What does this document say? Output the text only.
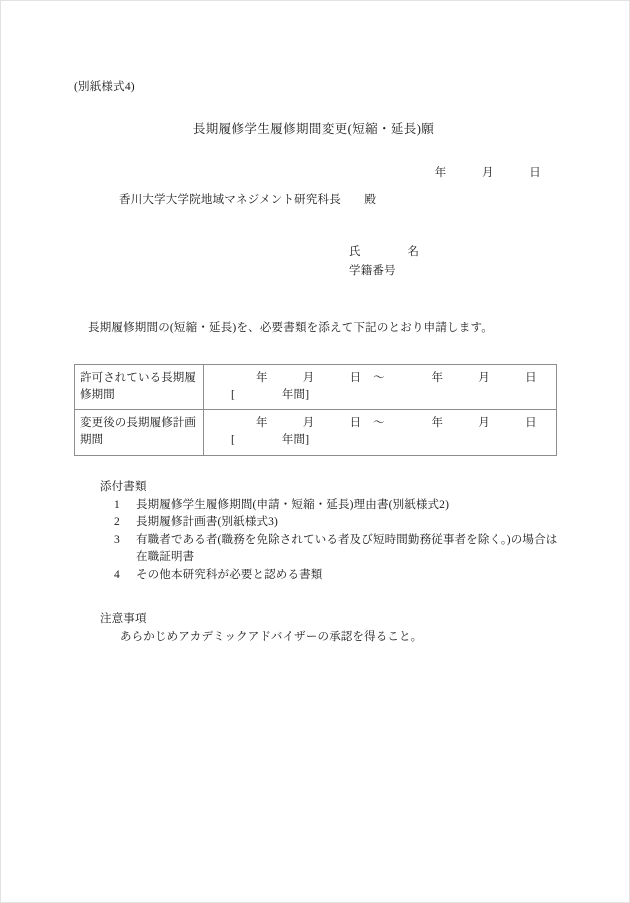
(別紙様式4)

長期履修学生履修期間変更(短縮・延長)願

年　　　月　　　日

香川大学大学院地域マネジメント研究科長　　殿

氏　　　　名

学籍番号

長期履修期間の(短縮・延長)を、必要書類を添えて下記のとおり申請します。

許可されている長期履修期間	年　　　月　　　日　〜　　　　年　　　月　　　日

[　　　　年間]

変更後の長期履修計画期間	年　　　月　　　日　〜　　　　年　　　月　　　日

[　　　　年間]

添付書類

1	長期履修学生履修期間(申請・短縮・延長)理由書(別紙様式2)
2	長期履修計画書(別紙様式3)
3	有職者である者(職務を免除されている者及び短時間勤務従事者を除く。)の場合は在職証明書
4	その他本研究科が必要と認める書類

注意事項

あらかじめアカデミックアドバイザーの承認を得ること。
